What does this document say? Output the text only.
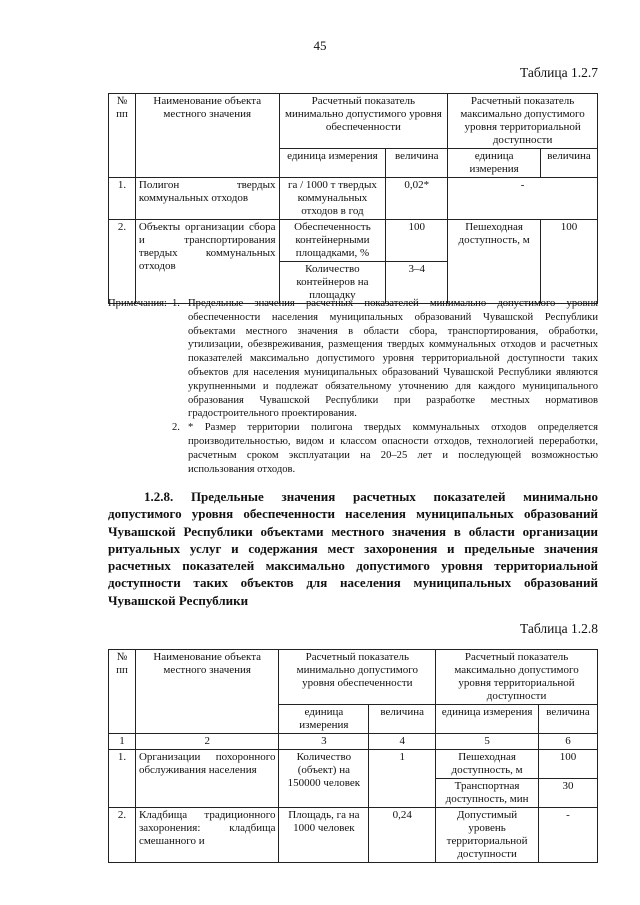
45
Таблица 1.2.7
№ пп	Наименование объекта местного значения	Расчетный показатель минимально допустимого уровня обеспеченности		Расчетный показатель максимально допустимого уровня территориальной доступности	
		единица измерения	величина	единица измерения	величина
1.	Полигон твердых коммунальных отходов	га / 1000 т твердых коммунальных отходов в год	0,02*	-	
2.	Объекты организации сбора и транспортирования твердых коммунальных отходов	Обеспеченность контейнерными площадками, %	100	Пешеходная доступность, м	100
		Количество контейнеров на площадку	3–4		
Примечания: 1. Предельные значения расчетных показателей минимально допустимого уровня обеспеченности населения муниципальных образований Чувашской Республики объектами местного значения в области сбора, транспортирования, обработки, утилизации, обезвреживания, размещения твердых коммунальных отходов и расчетных показателей максимально допустимого уровня территориальной доступности таких объектов для населения муниципальных образований Чувашской Республики являются укрупненными и подлежат обязательному уточнению для каждого муниципального образования Чувашской Республики при разработке местных нормативов градостроительного проектирования.
2. * Размер территории полигона твердых коммунальных отходов определяется производительностью, видом и классом опасности отходов, технологией переработки, расчетным сроком эксплуатации на 20–25 лет и последующей возможностью использования отходов.
1.2.8. Предельные значения расчетных показателей минимально допустимого уровня обеспеченности населения муниципальных образований Чувашской Республики объектами местного значения в области организации ритуальных услуг и содержания мест захоронения и предельные значения расчетных показателей максимально допустимого уровня территориальной доступности таких объектов для населения муниципальных образований Чувашской Республики
Таблица 1.2.8
№ пп	Наименование объекта местного значения	Расчетный показатель минимально допустимого уровня обеспеченности		Расчетный показатель максимально допустимого уровня территориальной доступности	
		единица измерения	величина	единица измерения	величина
1	2	3	4	5	6
1.	Организации похоронного обслуживания населения	Количество (объект) на 150000 человек	1	Пешеходная доступность, м	100
				Транспортная доступность, мин	30
2.	Кладбища традиционного захоронения: кладбища смешанного и	Площадь, га на 1000 человек	0,24	Допустимый уровень территориальной доступности	-
